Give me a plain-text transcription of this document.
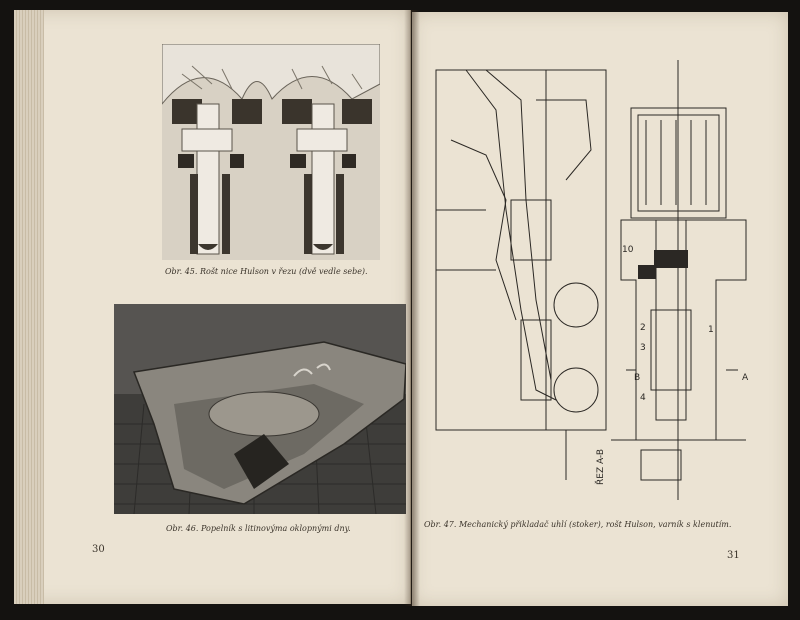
Obr. 45. Rošt nice Hulson v řezu (dvě vedle sebe).
Obr. 46. Popelník s litinovýma oklopnými dny.
30
ŘEZ A-B
B	A
1
2
3
4
10
Obr. 47. Mechanický přikladač uhlí (stoker), rošt Hulson, varník s klenutím.
31
